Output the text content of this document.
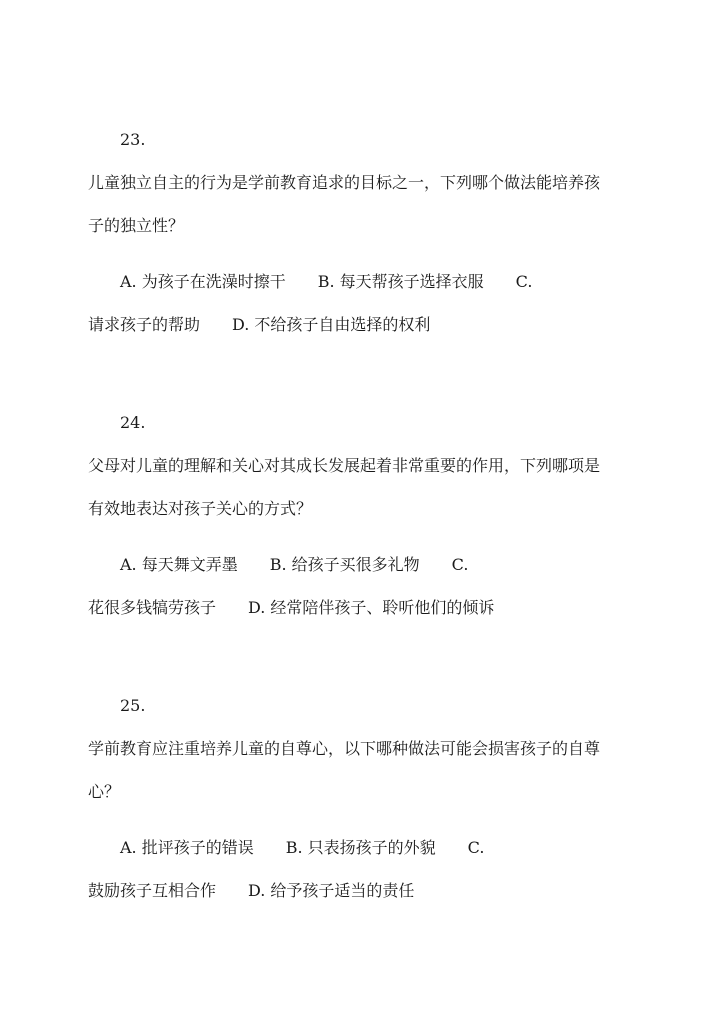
23.
儿童独立自主的行为是学前教育追求的目标之一，下列哪个做法能培养孩
子的独立性？
A. 为孩子在洗澡时擦干　　B. 每天帮孩子选择衣服　　C.
请求孩子的帮助　　D. 不给孩子自由选择的权利
24.
父母对儿童的理解和关心对其成长发展起着非常重要的作用，下列哪项是
有效地表达对孩子关心的方式？
A. 每天舞文弄墨　　B. 给孩子买很多礼物　　C.
花很多钱犒劳孩子　　D. 经常陪伴孩子、聆听他们的倾诉
25.
学前教育应注重培养儿童的自尊心，以下哪种做法可能会损害孩子的自尊
心？
A. 批评孩子的错误　　B. 只表扬孩子的外貌　　C.
鼓励孩子互相合作　　D. 给予孩子适当的责任
